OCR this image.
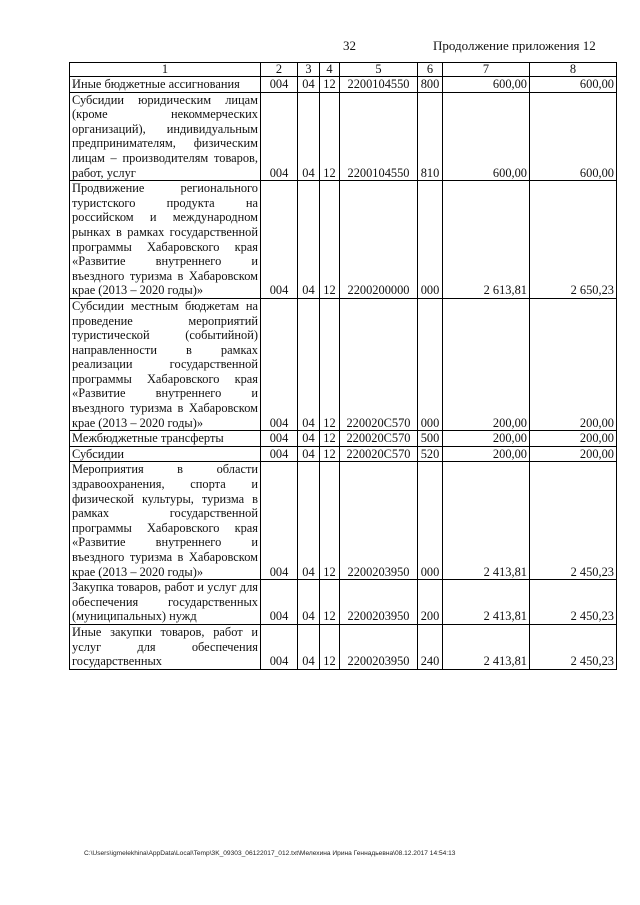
32	Продолжение приложения 12
1	2	3	4	5	6	7	8
Иные бюджетные ассигнования	004	04	12	2200104550	800	600,00	600,00
Субсидии юридическим лицам (кроме некоммерческих организаций), индивидуальным предпринимателям, физическим лицам – производителям товаров, работ, услуг	004	04	12	2200104550	810	600,00	600,00
Продвижение регионального туристского продукта на российском и международном рынках в рамках государственной программы Хабаровского края «Развитие внутреннего и въездного туризма в Хабаровском крае (2013 – 2020 годы)»	004	04	12	2200200000	000	2 613,81	2 650,23
Субсидии местным бюджетам на проведение мероприятий туристической (событийной) направленности в рамках реализации государственной программы Хабаровского края «Развитие внутреннего и въездного туризма в Хабаровском крае (2013 – 2020 годы)»	004	04	12	220020С570	000	200,00	200,00
Межбюджетные трансферты	004	04	12	220020С570	500	200,00	200,00
Субсидии	004	04	12	220020С570	520	200,00	200,00
Мероприятия в области здравоохранения, спорта и физической культуры, туризма в рамках государственной программы Хабаровского края «Развитие внутреннего и въездного туризма в Хабаровском крае (2013 – 2020 годы)»	004	04	12	2200203950	000	2 413,81	2 450,23
Закупка товаров, работ и услуг для обеспечения государственных (муниципальных) нужд	004	04	12	2200203950	200	2 413,81	2 450,23
Иные закупки товаров, работ и услуг для обеспечения государственных	004	04	12	2200203950	240	2 413,81	2 450,23
C:\Users\igmelekhina\AppData\Local\Temp\3K_09303_06122017_012.txt\Мелехина Ирина Геннадьевна\08.12.2017 14:54:13
